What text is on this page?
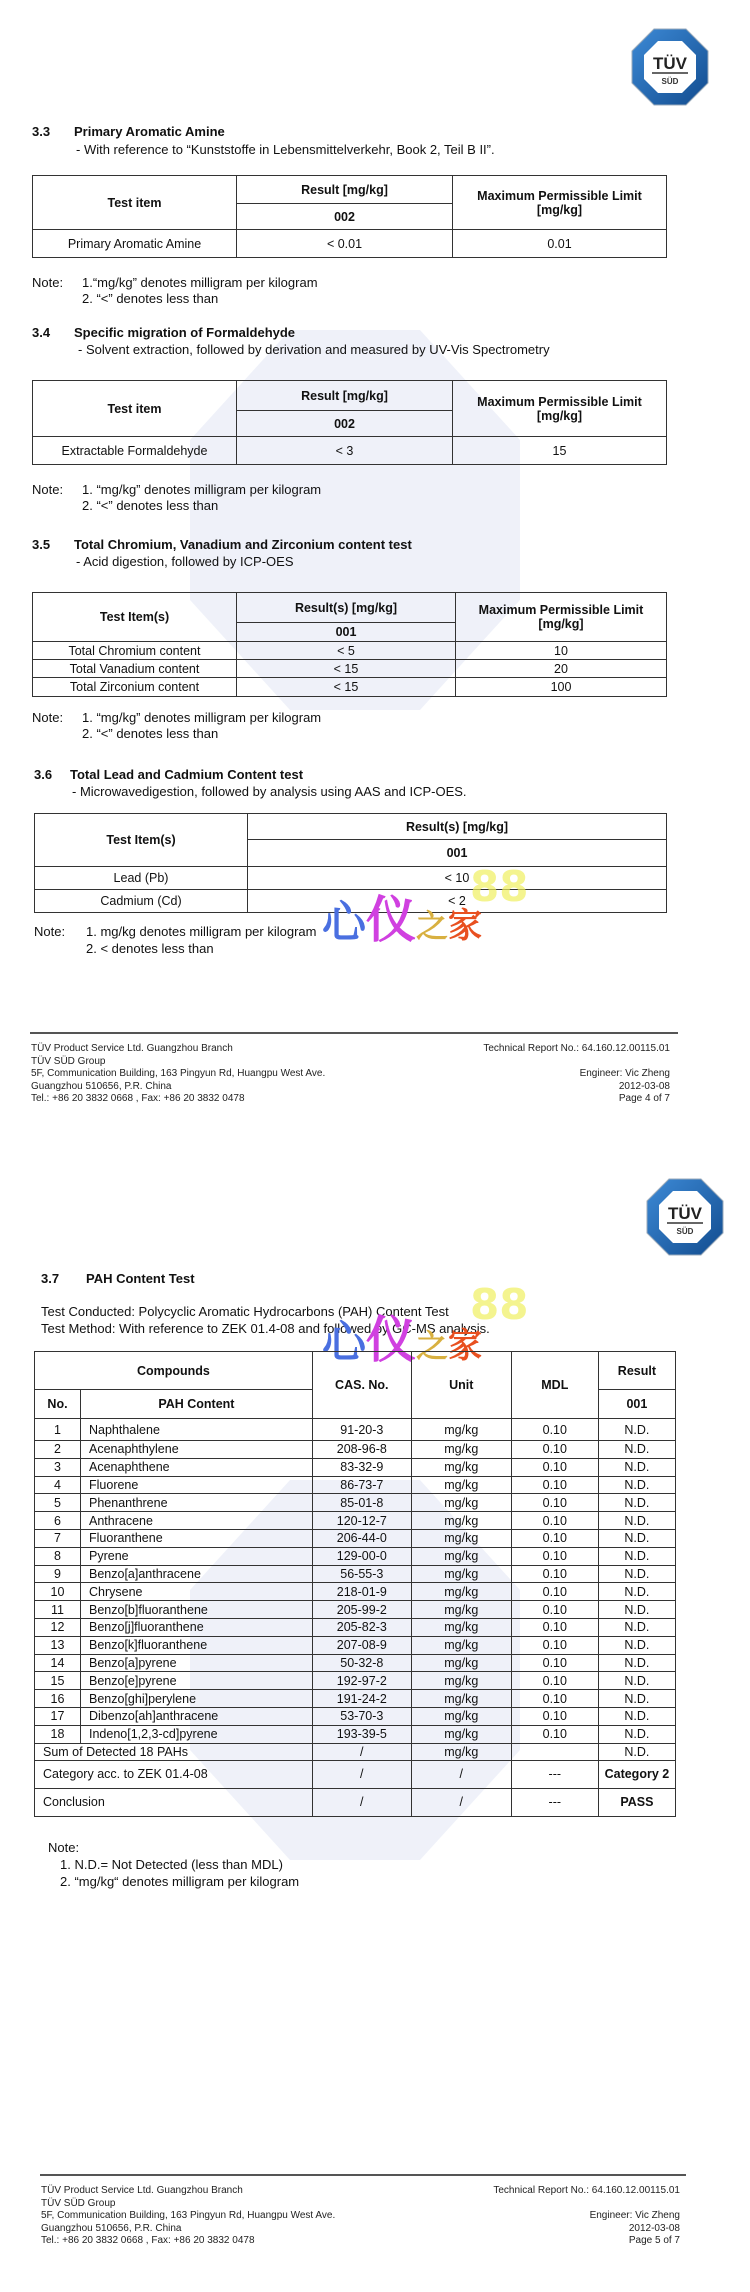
TÜV
SÜD
3.3 Primary Aromatic Amine
- With reference to “Kunststoffe in Lebensmittelverkehr, Book 2, Teil B II”.
Test item	Result [mg/kg]	Maximum Permissible Limit [mg/kg]
	002	
Primary Aromatic Amine	< 0.01	0.01
Note: 1.“mg/kg” denotes milligram per kilogram
2. “<” denotes less than
3.4 Specific migration of Formaldehyde
- Solvent extraction, followed by derivation and measured by UV-Vis Spectrometry
Test item	Result [mg/kg]	Maximum Permissible Limit [mg/kg]
	002	
Extractable Formaldehyde	< 3	15
Note: 1. “mg/kg” denotes milligram per kilogram
2. “<” denotes less than
3.5 Total Chromium, Vanadium and Zirconium content test
- Acid digestion, followed by ICP-OES
Test Item(s)	Result(s) [mg/kg]	Maximum Permissible Limit [mg/kg]
	001	
Total Chromium content	< 5	10
Total Vanadium content	< 15	20
Total Zirconium content	< 15	100
Note: 1. “mg/kg” denotes milligram per kilogram
2. “<” denotes less than
3.6 Total Lead and Cadmium Content test
- Microwavedigestion, followed by analysis using AAS and ICP-OES.
Test Item(s)	Result(s) [mg/kg]
	001
Lead (Pb)	< 10
Cadmium (Cd)	< 2
Note: 1. mg/kg denotes milligram per kilogram
2. < denotes less than
心仪之家
88
TÜV Product Service Ltd. Guangzhou Branch
TÜV SÜD Group
5F, Communication Building, 163 Pingyun Rd, Huangpu West Ave.
Guangzhou 510656, P.R. China
Tel.: +86 20 3832 0668 , Fax: +86 20 3832 0478
Technical Report No.: 64.160.12.00115.01

Engineer: Vic Zheng
2012-03-08
Page 4 of 7
TÜV
SÜD
3.7 PAH Content Test
Test Conducted: Polycyclic Aromatic Hydrocarbons (PAH) Content Test
Test Method: With reference to ZEK 01.4-08 and followed by GC-MS analysis.
心仪之家
88
Compounds		CAS. No.	Unit	MDL	Result
No.	PAH Content				001
1	Naphthalene	91-20-3	mg/kg	0.10	N.D.
2	Acenaphthylene	208-96-8	mg/kg	0.10	N.D.
3	Acenaphthene	83-32-9	mg/kg	0.10	N.D.
4	Fluorene	86-73-7	mg/kg	0.10	N.D.
5	Phenanthrene	85-01-8	mg/kg	0.10	N.D.
6	Anthracene	120-12-7	mg/kg	0.10	N.D.
7	Fluoranthene	206-44-0	mg/kg	0.10	N.D.
8	Pyrene	129-00-0	mg/kg	0.10	N.D.
9	Benzo[a]anthracene	56-55-3	mg/kg	0.10	N.D.
10	Chrysene	218-01-9	mg/kg	0.10	N.D.
11	Benzo[b]fluoranthene	205-99-2	mg/kg	0.10	N.D.
12	Benzo[j]fluoranthene	205-82-3	mg/kg	0.10	N.D.
13	Benzo[k]fluoranthene	207-08-9	mg/kg	0.10	N.D.
14	Benzo[a]pyrene	50-32-8	mg/kg	0.10	N.D.
15	Benzo[e]pyrene	192-97-2	mg/kg	0.10	N.D.
16	Benzo[ghi]perylene	191-24-2	mg/kg	0.10	N.D.
17	Dibenzo[ah]anthracene	53-70-3	mg/kg	0.10	N.D.
18	Indeno[1,2,3-cd]pyrene	193-39-5	mg/kg	0.10	N.D.
Sum of Detected 18 PAHs		/	mg/kg		N.D.
Category acc. to ZEK 01.4-08		/	/	---	Category 2
Conclusion		/	/	---	PASS
Note:
1. N.D.= Not Detected (less than MDL)
2. “mg/kg“ denotes milligram per kilogram
TÜV Product Service Ltd. Guangzhou Branch
TÜV SÜD Group
5F, Communication Building, 163 Pingyun Rd, Huangpu West Ave.
Guangzhou 510656, P.R. China
Tel.: +86 20 3832 0668 , Fax: +86 20 3832 0478
Technical Report No.: 64.160.12.00115.01

Engineer: Vic Zheng
2012-03-08
Page 5 of 7
